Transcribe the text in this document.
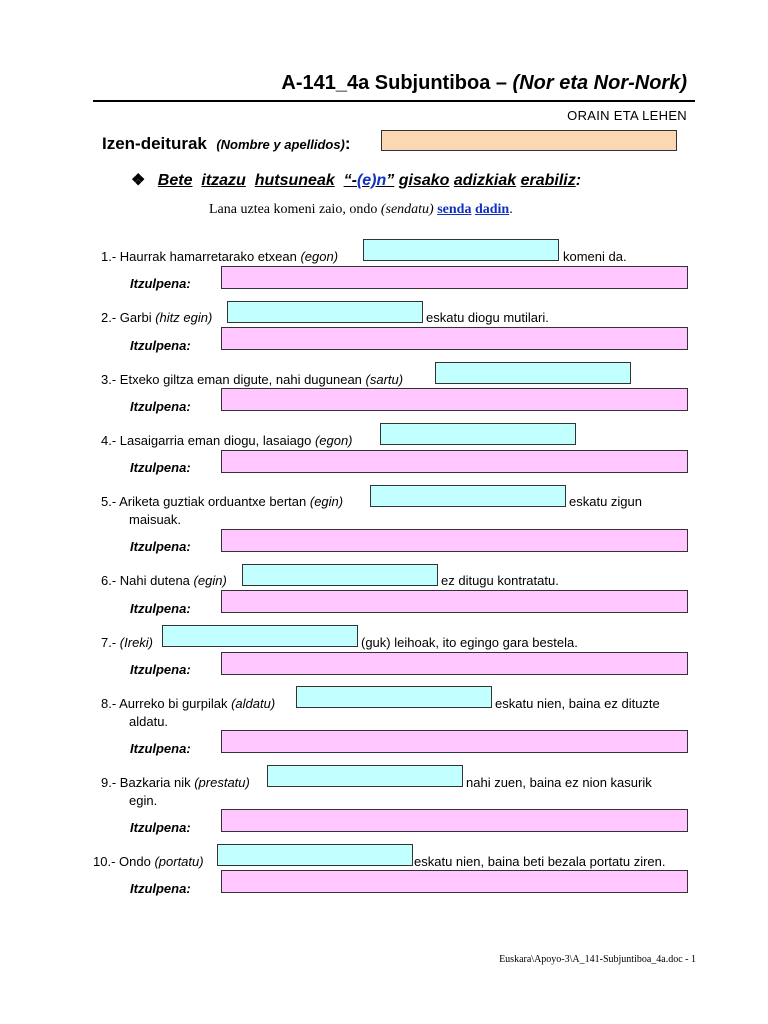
A-141_4a Subjuntiboa – (Nor eta Nor-Nork)
ORAIN ETA LEHEN
Izen-deiturak (Nombre y apellidos):
❖ Bete itzazu hutsuneak “-(e)n” gisako adizkiak erabiliz:
Lana uztea komeni zaio, ondo (sendatu) senda dadin.
1.- Haurrak hamarretarako etxean (egon)	komeni da.
Itzulpena:
2.- Garbi (hitz egin)	eskatu diogu mutilari.
Itzulpena:
3.- Etxeko giltza eman digute, nahi dugunean (sartu)
Itzulpena:
4.- Lasaigarria eman diogu, lasaiago (egon)
Itzulpena:
5.- Ariketa guztiak orduantxe bertan (egin)	eskatu zigun
maisuak.
Itzulpena:
6.- Nahi dutena (egin)	ez ditugu kontratatu.
Itzulpena:
7.- (Ireki)	(guk) leihoak, ito egingo gara bestela.
Itzulpena:
8.- Aurreko bi gurpilak (aldatu)	eskatu nien, baina ez dituzte
aldatu.
Itzulpena:
9.- Bazkaria nik (prestatu)	nahi zuen, baina ez nion kasurik
egin.
Itzulpena:
10.- Ondo (portatu)	eskatu nien, baina beti bezala portatu ziren.
Itzulpena:
Euskara\Apoyo-3\A_141-Subjuntiboa_4a.doc - 1
